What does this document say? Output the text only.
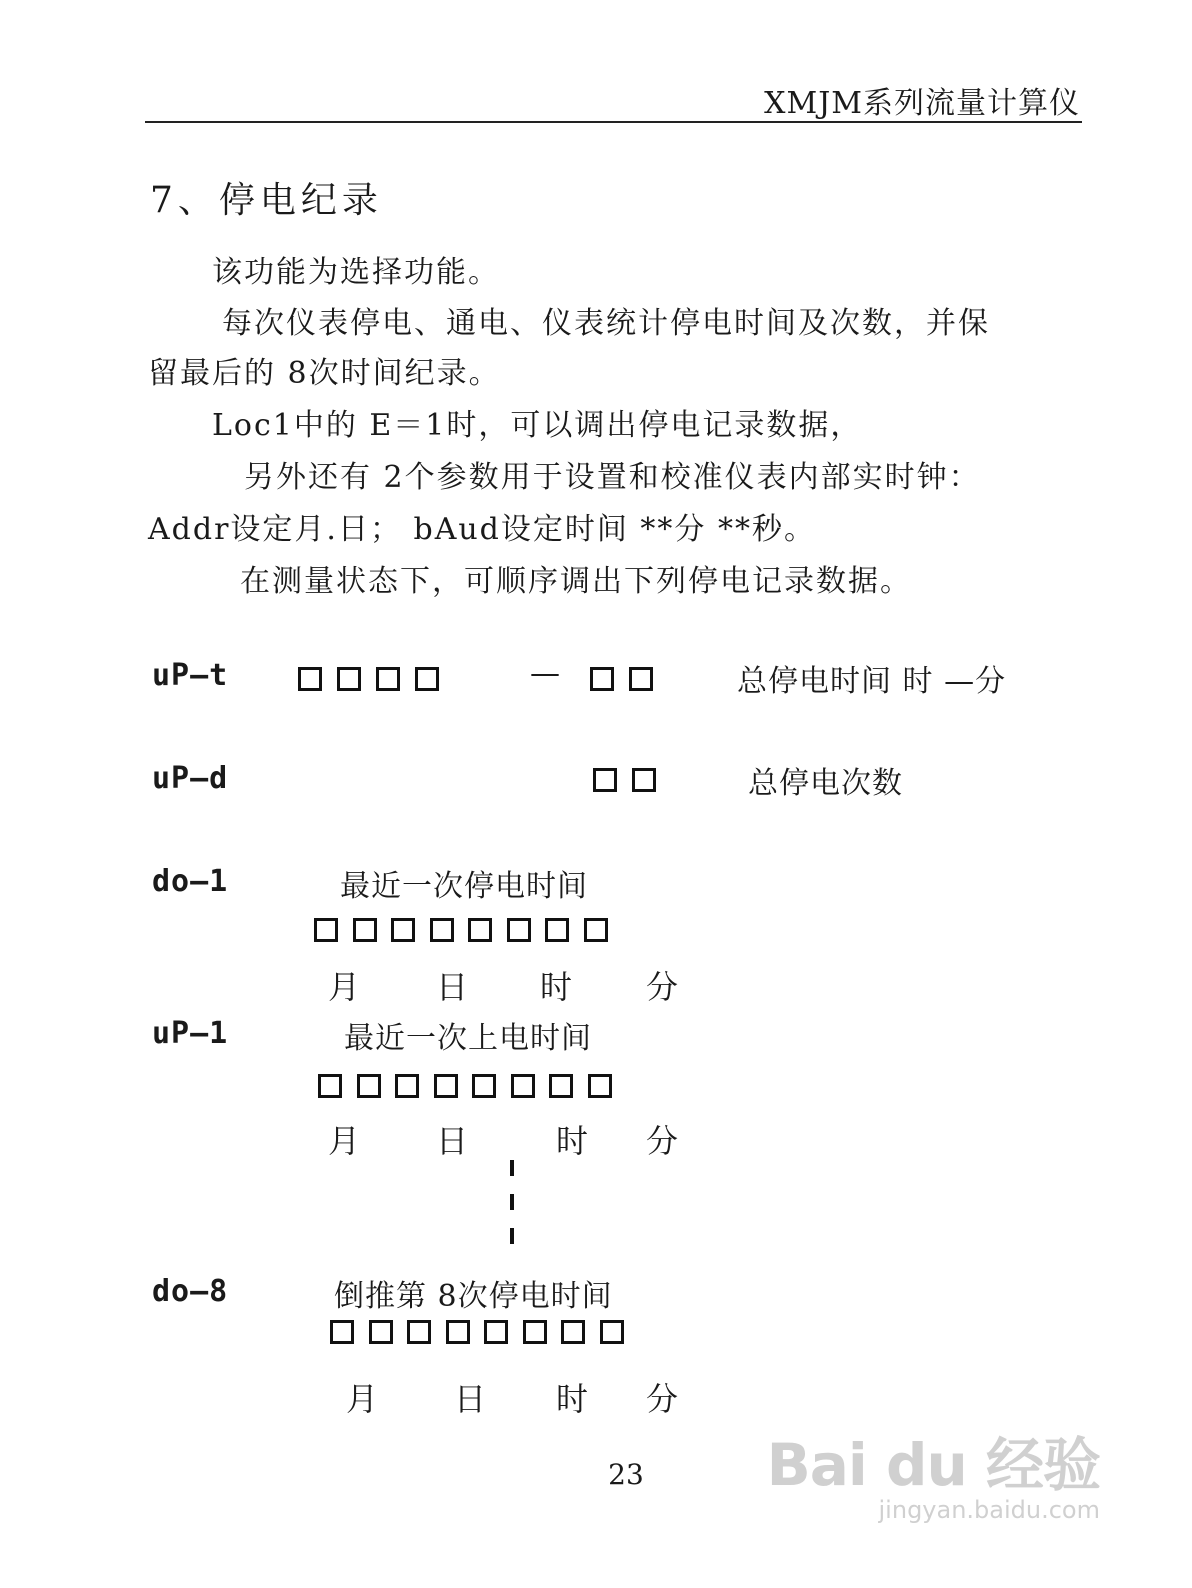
XMJM系列流量计算仪
7、停电纪录
该功能为选择功能。
每次仪表停电、通电、仪表统计停电时间及次数，并保
留最后的 8次时间纪录。
Loc1中的 E＝1时，可以调出停电记录数据，
另外还有 2个参数用于设置和校准仪表内部实时钟：
Addr设定月.日； bAud设定时间 **分 **秒。
在测量状态下，可顺序调出下列停电记录数据。
uP—t	—	总停电时间 时 —分
uP—d	总停电次数
do—1	最近一次停电时间
月 日 时 分
uP—1	最近一次上电时间
月 日	时 分
do—8	倒推第 8次停电时间
月 日 时 分
23	Bai du 经验
jingyan.baidu.com
